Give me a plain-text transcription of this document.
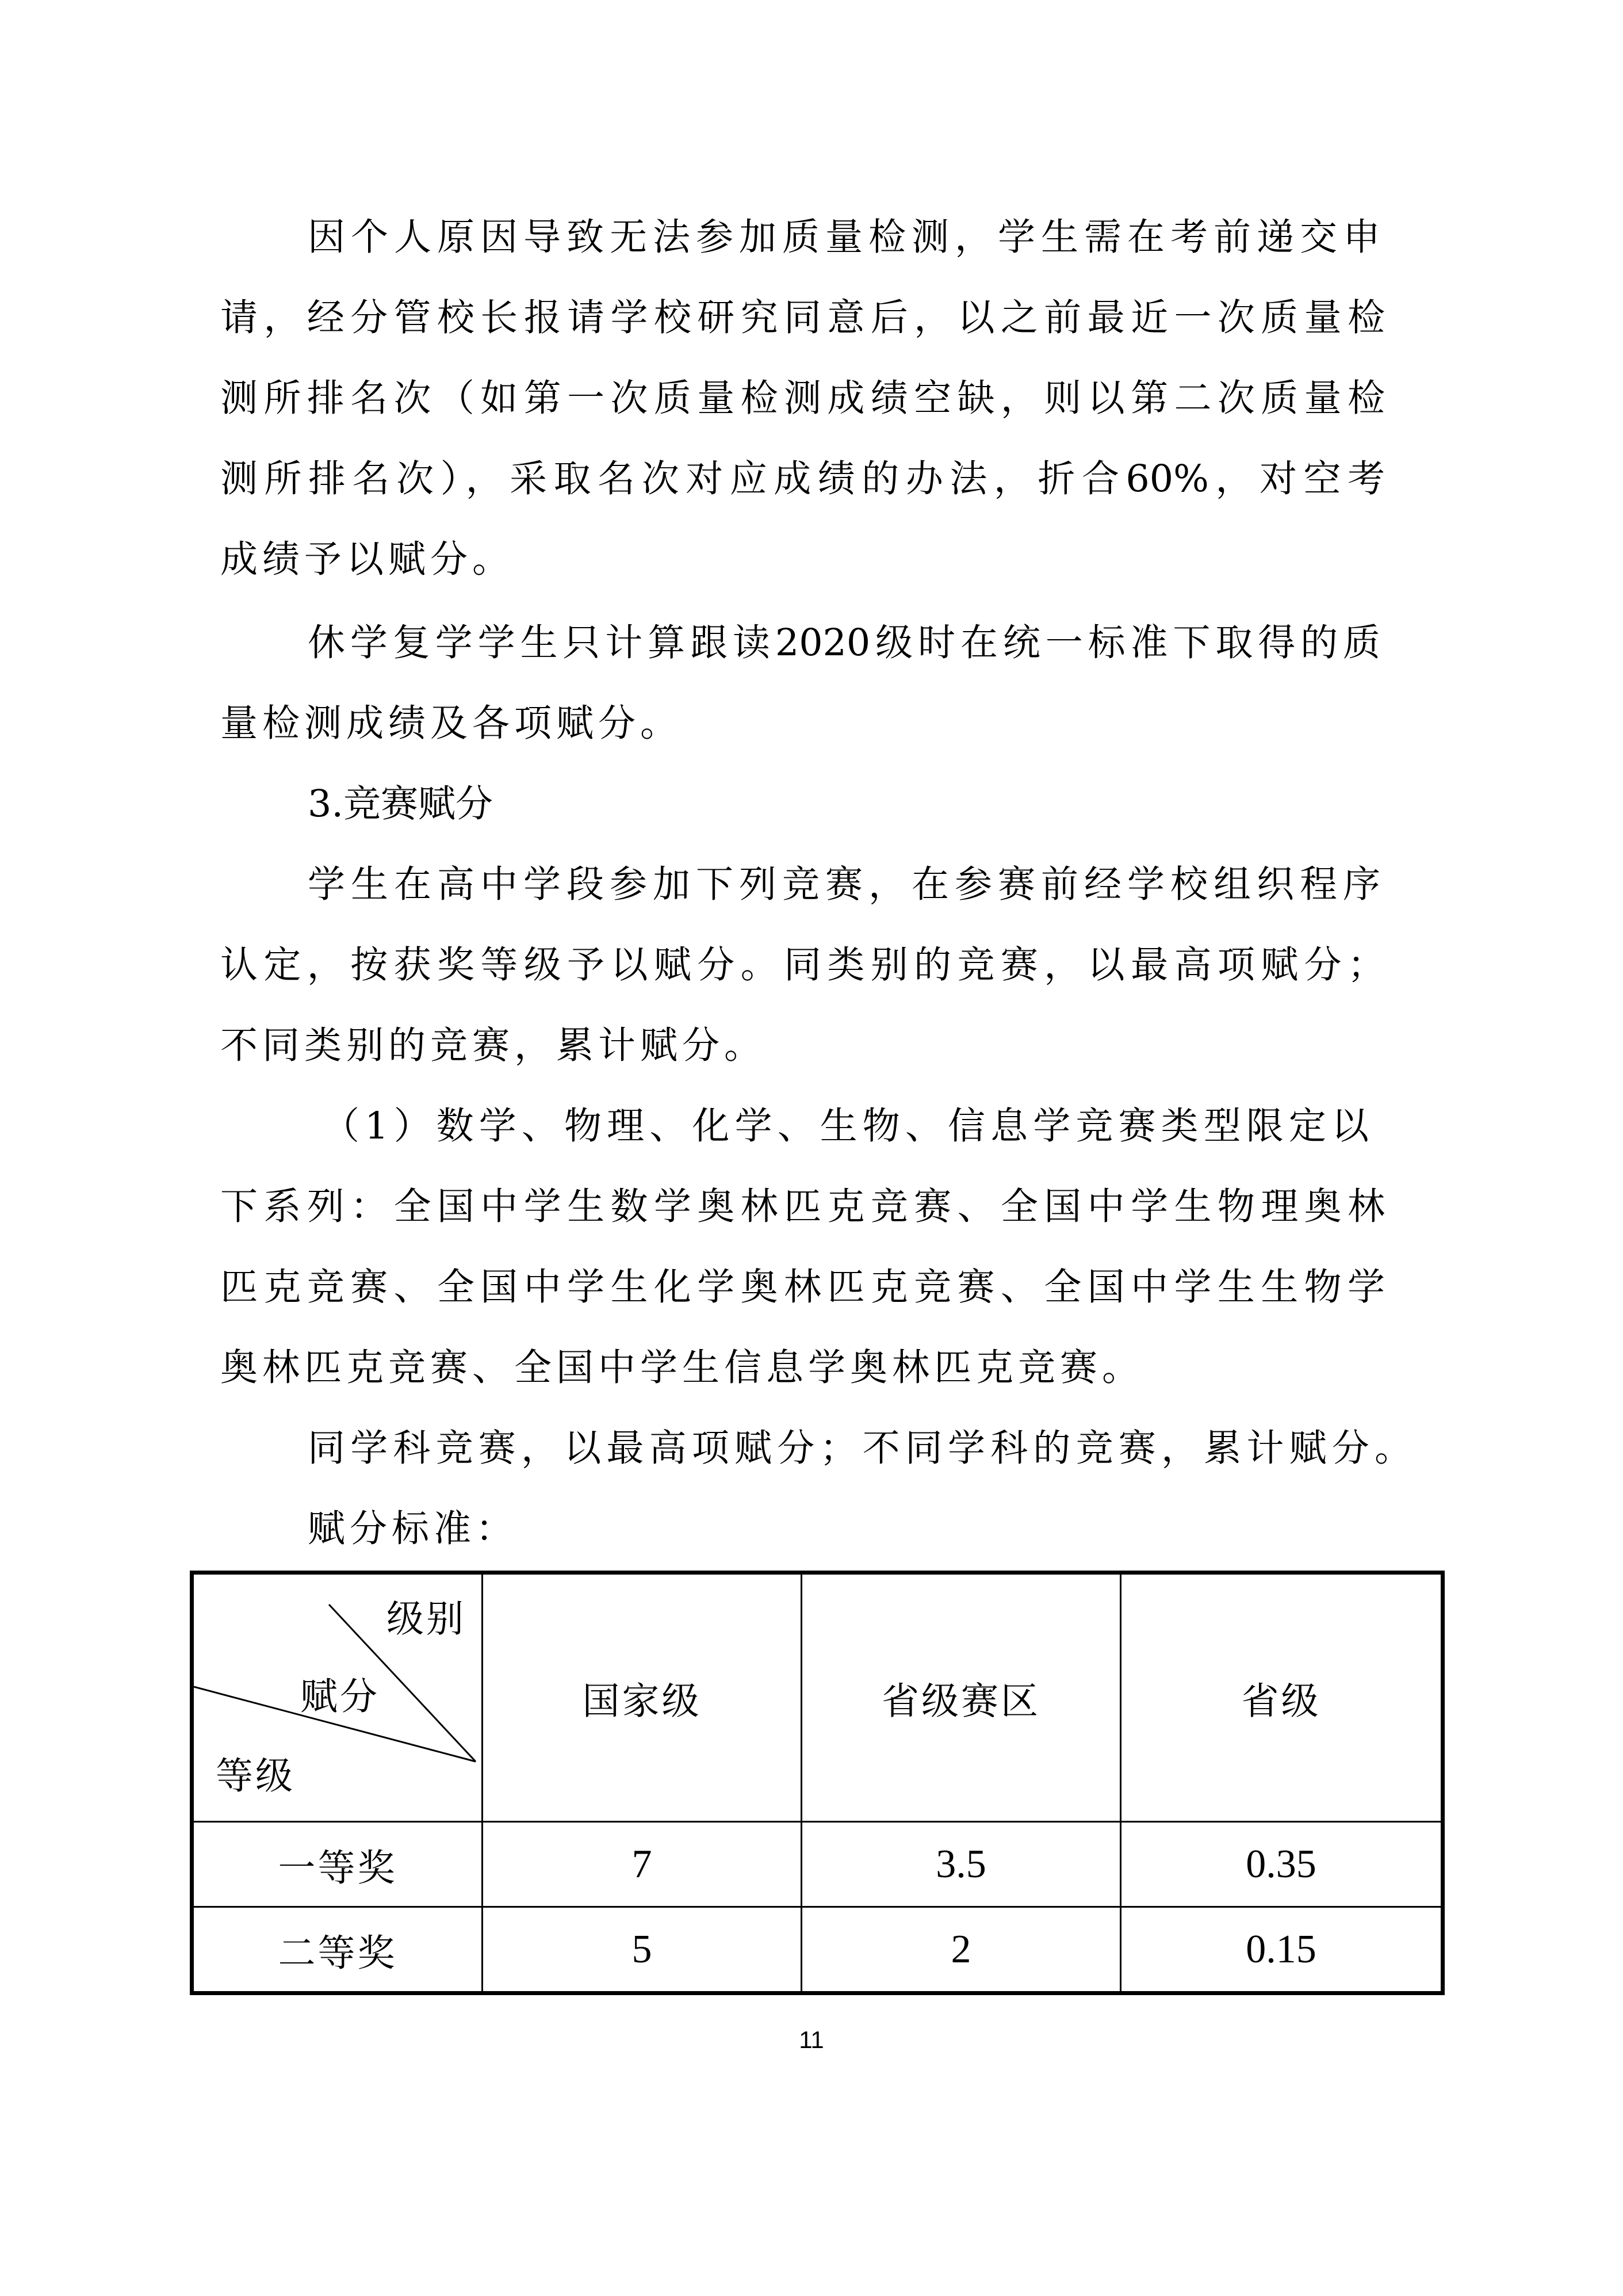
因个人原因导致无法参加质量检测，学生需在考前递交申
请，经分管校长报请学校研究同意后，以之前最近一次质量检
测所排名次（如第一次质量检测成绩空缺，则以第二次质量检
测所排名次），采取名次对应成绩的办法，折合60%，对空考
成绩予以赋分。
休学复学学生只计算跟读2020级时在统一标准下取得的质
量检测成绩及各项赋分。
3.竞赛赋分
学生在高中学段参加下列竞赛，在参赛前经学校组织程序
认定，按获奖等级予以赋分。同类别的竞赛，以最高项赋分；
不同类别的竞赛，累计赋分。
（1）数学、物理、化学、生物、信息学竞赛类型限定以
下系列：全国中学生数学奥林匹克竞赛、全国中学生物理奥林
匹克竞赛、全国中学生化学奥林匹克竞赛、全国中学生生物学
奥林匹克竞赛、全国中学生信息学奥林匹克竞赛。
同学科竞赛，以最高项赋分；不同学科的竞赛，累计赋分。
赋分标准：
级别
赋分
等级	国家级	省级赛区	省级
一等奖	7	3.5	0.35
二等奖	5	2	0.15
11
